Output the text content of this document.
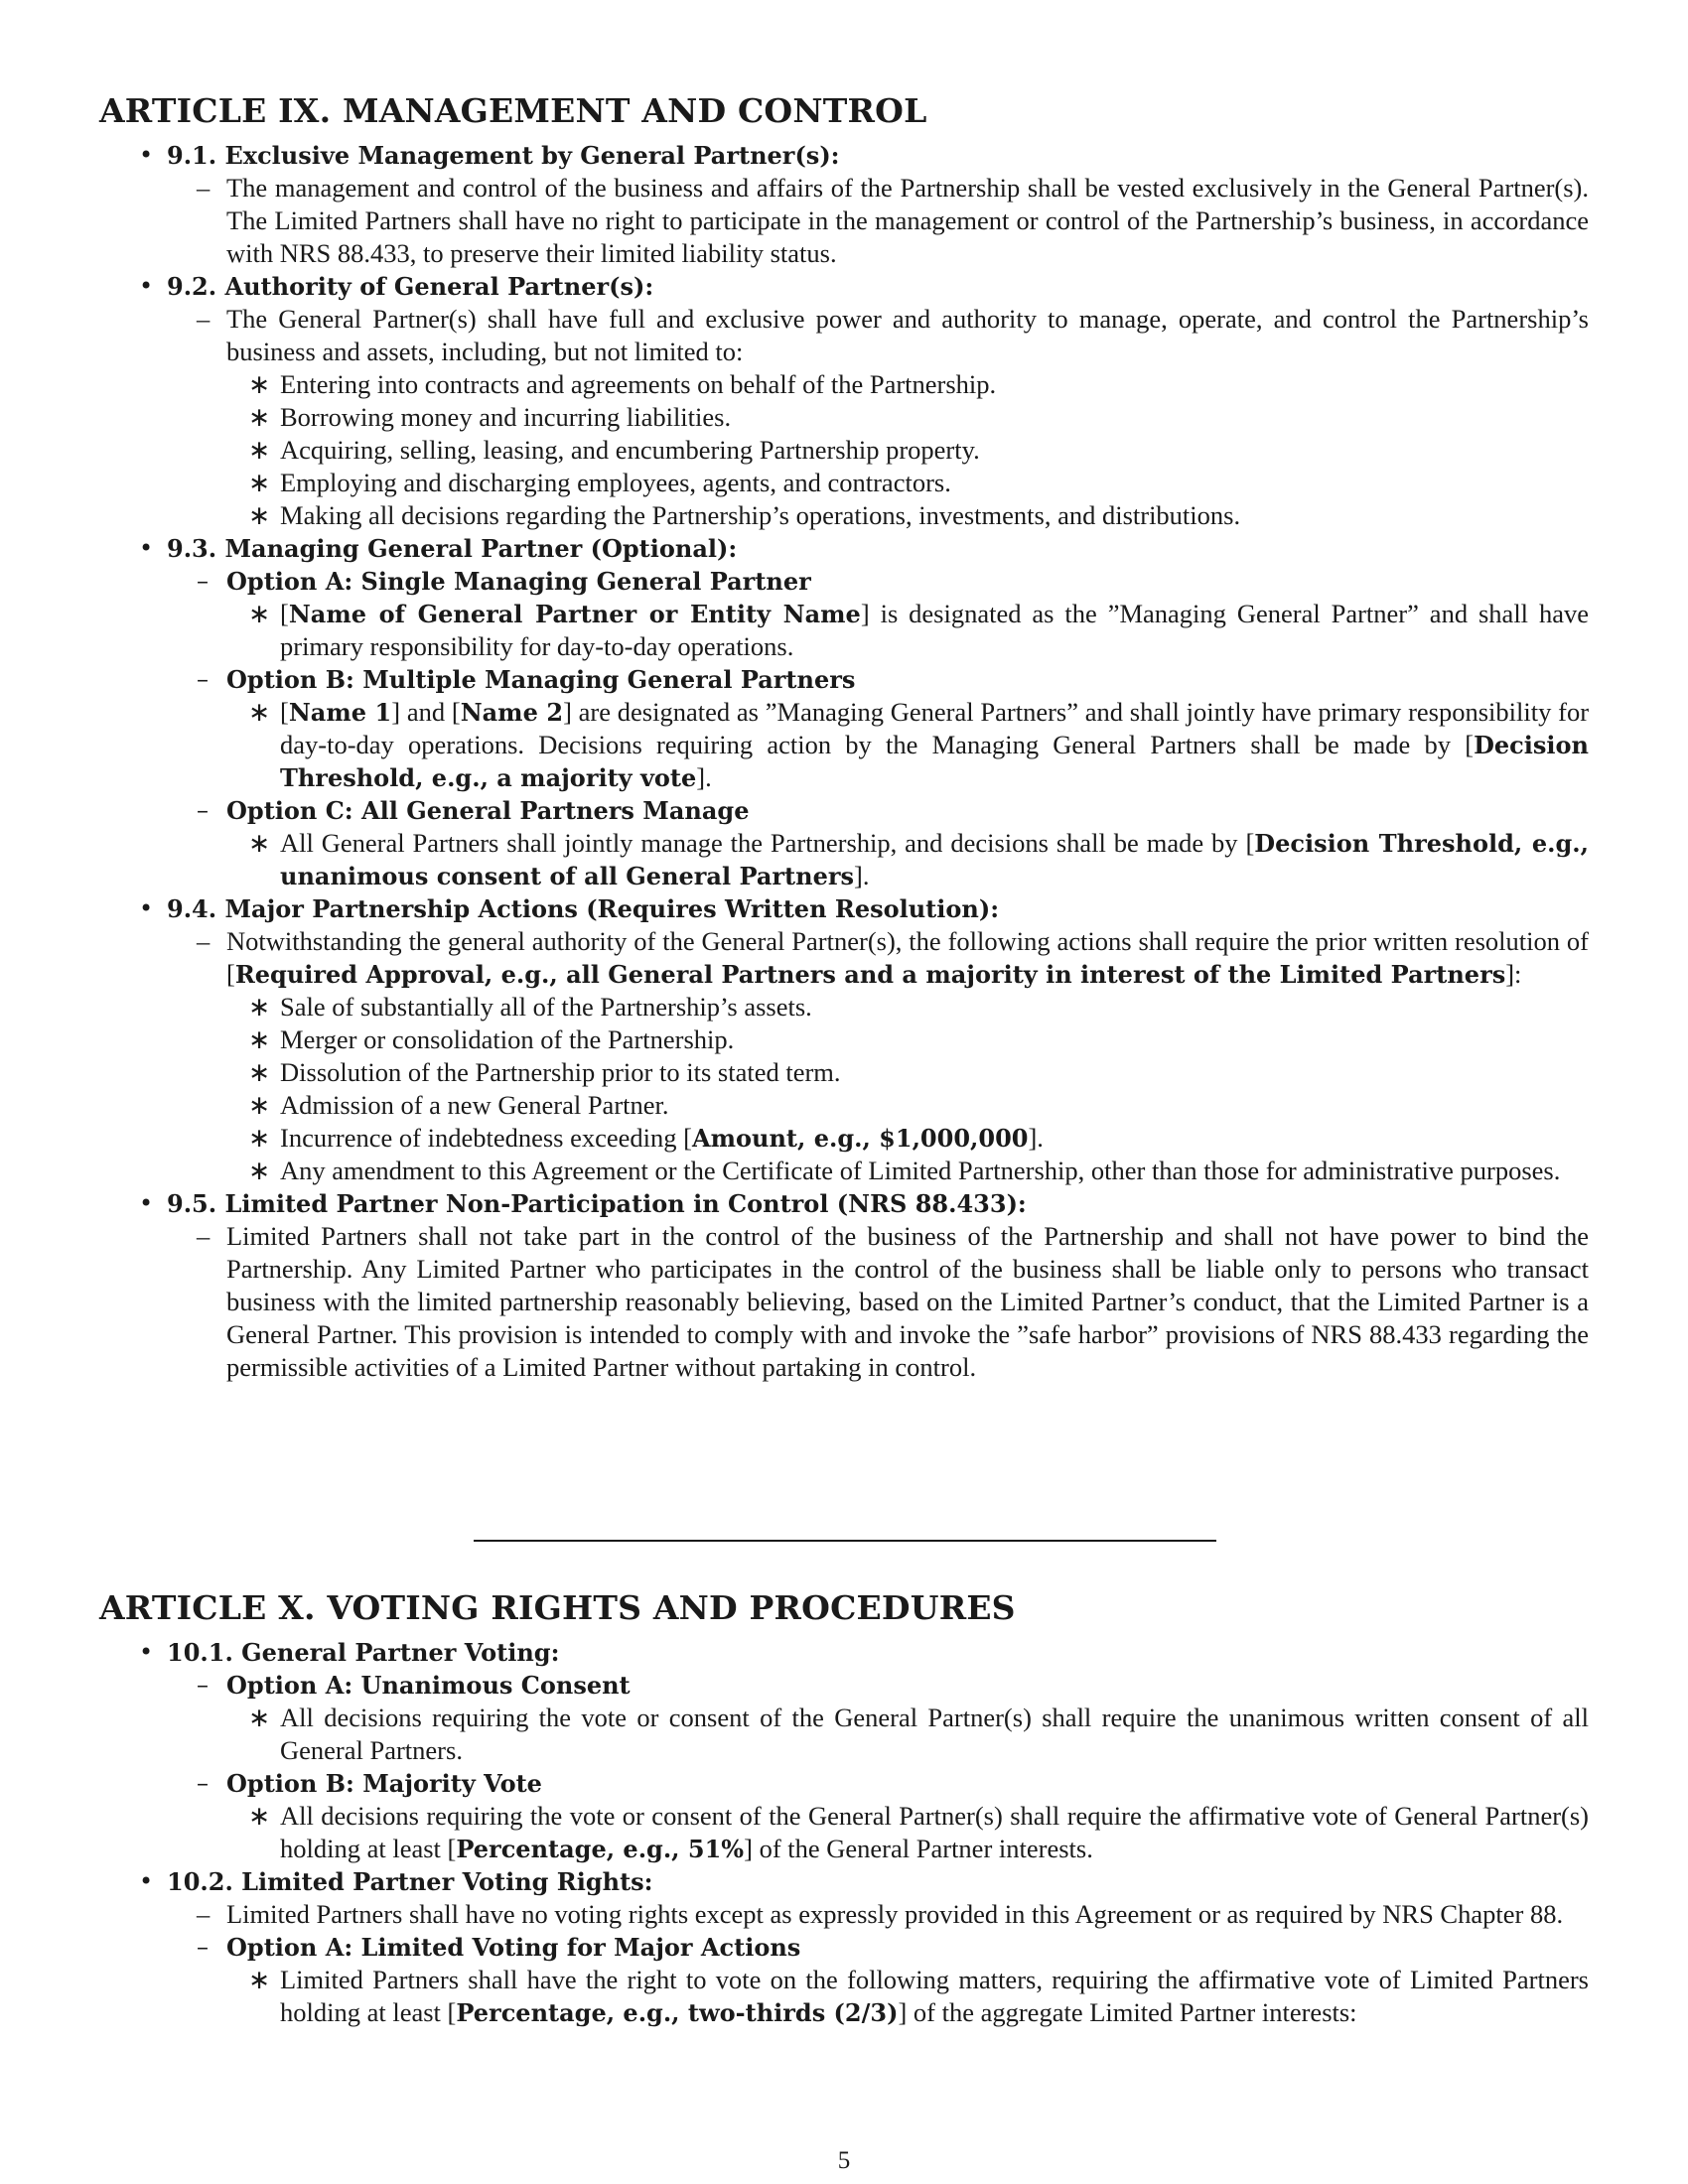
ARTICLE IX. MANAGEMENT AND CONTROL
• 9.1. Exclusive Management by General Partner(s):
– The management and control of the business and affairs of the Partnership shall be vested exclusively in the General Partner(s). The Limited Partners shall have no right to participate in the management or control of the Partnership’s business, in accordance with NRS 88.433, to preserve their limited liability status.
• 9.2. Authority of General Partner(s):
– The General Partner(s) shall have full and exclusive power and authority to manage, operate, and control the Partnership’s business and assets, including, but not limited to:
∗ Entering into contracts and agreements on behalf of the Partnership.
∗ Borrowing money and incurring liabilities.
∗ Acquiring, selling, leasing, and encumbering Partnership property.
∗ Employing and discharging employees, agents, and contractors.
∗ Making all decisions regarding the Partnership’s operations, investments, and distributions.
• 9.3. Managing General Partner (Optional):
– Option A: Single Managing General Partner
∗ [Name of General Partner or Entity Name] is designated as the ”Managing General Partner” and shall have primary responsibility for day-to-day operations.
– Option B: Multiple Managing General Partners
∗ [Name 1] and [Name 2] are designated as ”Managing General Partners” and shall jointly have primary responsibility for day-to-day operations. Decisions requiring action by the Managing General Partners shall be made by [Decision Threshold, e.g., a majority vote].
– Option C: All General Partners Manage
∗ All General Partners shall jointly manage the Partnership, and decisions shall be made by [Decision Threshold, e.g., unanimous consent of all General Partners].
• 9.4. Major Partnership Actions (Requires Written Resolution):
– Notwithstanding the general authority of the General Partner(s), the following actions shall require the prior written resolution of [Required Approval, e.g., all General Partners and a majority in interest of the Limited Partners]:
∗ Sale of substantially all of the Partnership’s assets.
∗ Merger or consolidation of the Partnership.
∗ Dissolution of the Partnership prior to its stated term.
∗ Admission of a new General Partner.
∗ Incurrence of indebtedness exceeding [Amount, e.g., $1,000,000].
∗ Any amendment to this Agreement or the Certificate of Limited Partnership, other than those for administrative purposes.
• 9.5. Limited Partner Non-Participation in Control (NRS 88.433):
– Limited Partners shall not take part in the control of the business of the Partnership and shall not have power to bind the Partnership. Any Limited Partner who participates in the control of the business shall be liable only to persons who transact business with the limited partnership reasonably believing, based on the Limited Partner’s conduct, that the Limited Partner is a General Partner. This provision is intended to comply with and invoke the ”safe harbor” provisions of NRS 88.433 regarding the permissible activities of a Limited Partner without partaking in control.
ARTICLE X. VOTING RIGHTS AND PROCEDURES
• 10.1. General Partner Voting:
– Option A: Unanimous Consent
∗ All decisions requiring the vote or consent of the General Partner(s) shall require the unanimous written consent of all General Partners.
– Option B: Majority Vote
∗ All decisions requiring the vote or consent of the General Partner(s) shall require the affirmative vote of General Partner(s) holding at least [Percentage, e.g., 51%] of the General Partner interests.
• 10.2. Limited Partner Voting Rights:
– Limited Partners shall have no voting rights except as expressly provided in this Agreement or as required by NRS Chapter 88.
– Option A: Limited Voting for Major Actions
∗ Limited Partners shall have the right to vote on the following matters, requiring the affirmative vote of Limited Partners holding at least [Percentage, e.g., two-thirds (2/3)] of the aggregate Limited Partner interests:
5
